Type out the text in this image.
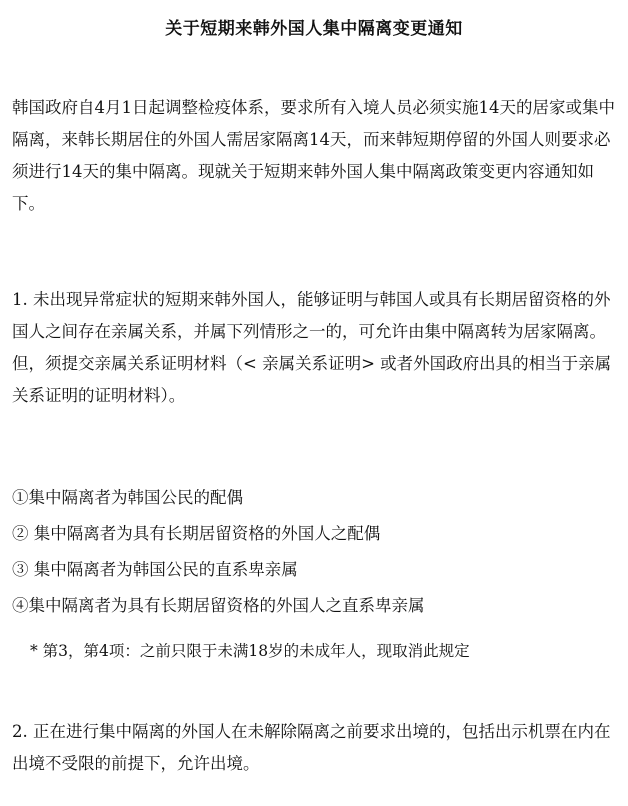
关于短期来韩外国人集中隔离变更通知

韩国政府自4月1日起调整检疫体系，要求所有入境人员必须实施14天的居家或集中隔离，来韩长期居住的外国人需居家隔离14天，而来韩短期停留的外国人则要求必须进行14天的集中隔离。现就关于短期来韩外国人集中隔离政策变更内容通知如下。

1. 未出现异常症状的短期来韩外国人，能够证明与韩国人或具有长期居留资格的外国人之间存在亲属关系，并属下列情形之一的，可允许由集中隔离转为居家隔离。但，须提交亲属关系证明材料（< 亲属关系证明> 或者外国政府出具的相当于亲属关系证明的证明材料）。

①集中隔离者为韩国公民的配偶
② 集中隔离者为具有长期居留资格的外国人之配偶
③ 集中隔离者为韩国公民的直系卑亲属
④集中隔离者为具有长期居留资格的外国人之直系卑亲属
* 第3，第4项：之前只限于未满18岁的未成年人，现取消此规定

2. 正在进行集中隔离的外国人在未解除隔离之前要求出境的，包括出示机票在内在出境不受限的前提下，允许出境。
